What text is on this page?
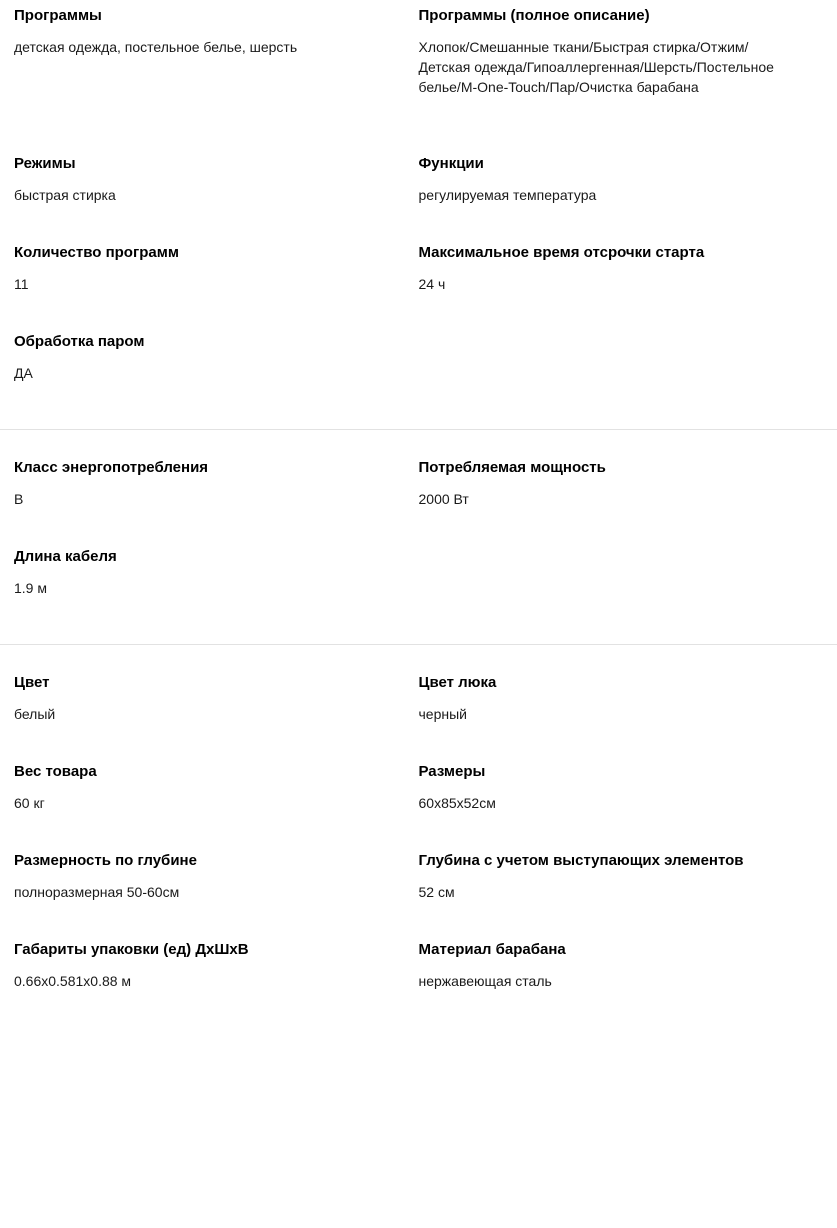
Программы
детская одежда, постельное белье, шерсть
Программы (полное описание)
Хлопок/Смешанные ткани/Быстрая стирка/Отжим/Детская одежда/Гипоаллергенная/Шерсть/Постельное белье/M-One-Touch/Пар/Очистка барабана
Режимы
быстрая стирка
Функции
регулируемая температура
Количество программ
11
Максимальное время отсрочки старта
24 ч
Обработка паром
ДА
Класс энергопотребления
B
Потребляемая мощность
2000 Вт
Длина кабеля
1.9 м
Цвет
белый
Цвет люка
черный
Вес товара
60 кг
Размеры
60х85х52см
Размерность по глубине
полноразмерная 50-60см
Глубина с учетом выступающих элементов
52 см
Габариты упаковки (ед) ДхШхВ
0.66х0.581х0.88 м
Материал барабана
нержавеющая сталь
